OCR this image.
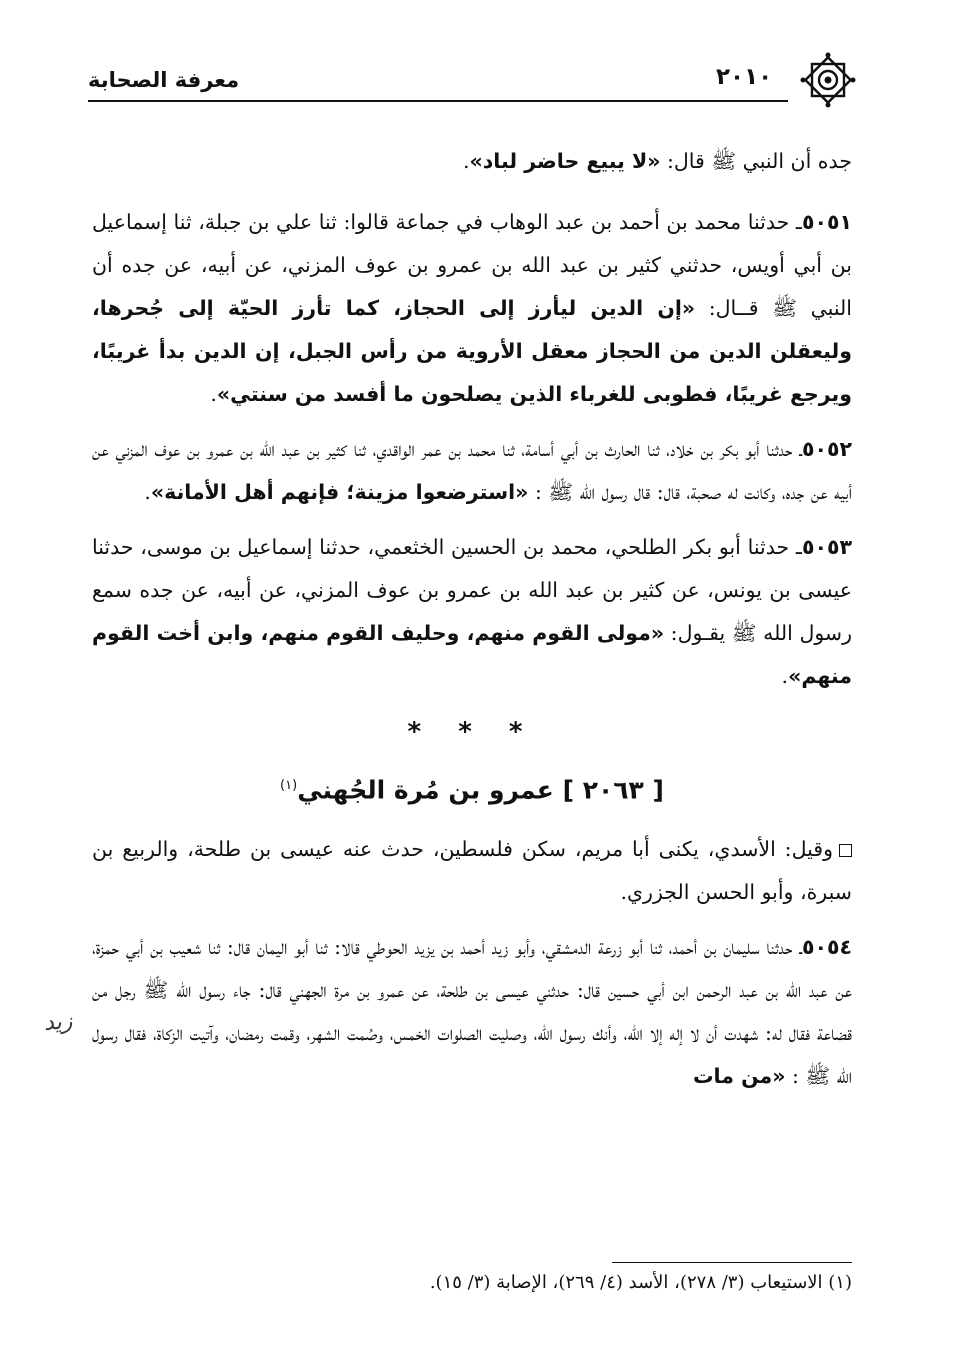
معرفة الصحابة	٢٠١٠

جده أن النبي ﷺ قال: «لا يبيع حاضر لباد».

٥٠٥١ـ حدثنا محمد بن أحمد بن عبد الوهاب في جماعة قالوا: ثنا علي بن جبلة، ثنا إسماعيل بن أبي أويس، حدثني كثير بن عبد الله بن عمرو بن عوف المزني، عن أبيه، عن جده أن النبي ﷺ قــال: «إن الدين ليأرز إلى الحجاز، كما تأرز الحيّة إلى جُحرها، وليعقلن الدين من الحجاز معقل الأروية من رأس الجبل، إن الدين بدأ غريبًا، ويرجع غريبًا، فطوبى للغرباء الذين يصلحون ما أفسد من سنتي».

٥٠٥٢ـ حدثنا أبو بكر بن خلاد، ثنا الحارث بن أبي أسامة، ثنا محمد بن عمر الواقدي، ثنا كثير بن عبد الله بن عمرو بن عوف المزني عن أبيه عن جده، وكانت له صحبة، قال: قال رسول الله ﷺ : «استرضعوا مزينة؛ فإنهم أهل الأمانة».

٥٠٥٣ـ حدثنا أبو بكر الطلحي، محمد بن الحسين الخثعمي، حدثنا إسماعيل بن موسى، حدثنا عيسى بن يونس، عن كثير بن عبد الله بن عمرو بن عوف المزني، عن أبيه، عن جده سمع رسول الله ﷺ يقـول: «مولى القوم منهم، وحليف القوم منهم، وابن أخت القوم منهم».

* * *
[ ٢٠٦٣ ] عمرو بن مُرة الجُهني$^{(١)}$

وقيل: الأسدي، يكنى أبا مريم، سكن فلسطين، حدث عنه عيسى بن طلحة، والربيع بن سبرة، وأبو الحسن الجزري.

٥٠٥٤ـ حدثنا سليمان بن أحمد، ثنا أبو زرعة الدمشقي، وأبو زيد أحمد بن يزيد الحوطي قالا: ثنا أبو اليمان قال: ثنا شعيب بن أبي حمزة، عن عبد الله بن عبد الرحمن ابن أبي حسين قال: حدثني عيسى بن طلحة، عن عمرو بن مرة الجهني قال: جاء رسول الله ﷺ رجل من قضاعة فقال له: شهدت أن لا إله إلا الله، وأنك رسول الله، وصليت الصلوات الخمس، وصُمت الشهر، وقمت رمضان، وآتيت الزكاة، فقال رسول الله ﷺ : «من مات

زيد
(١) الاستيعاب (٣/ ٢٧٨)، الأسد (٤/ ٢٦٩)، الإصابة (٣/ ١٥).
